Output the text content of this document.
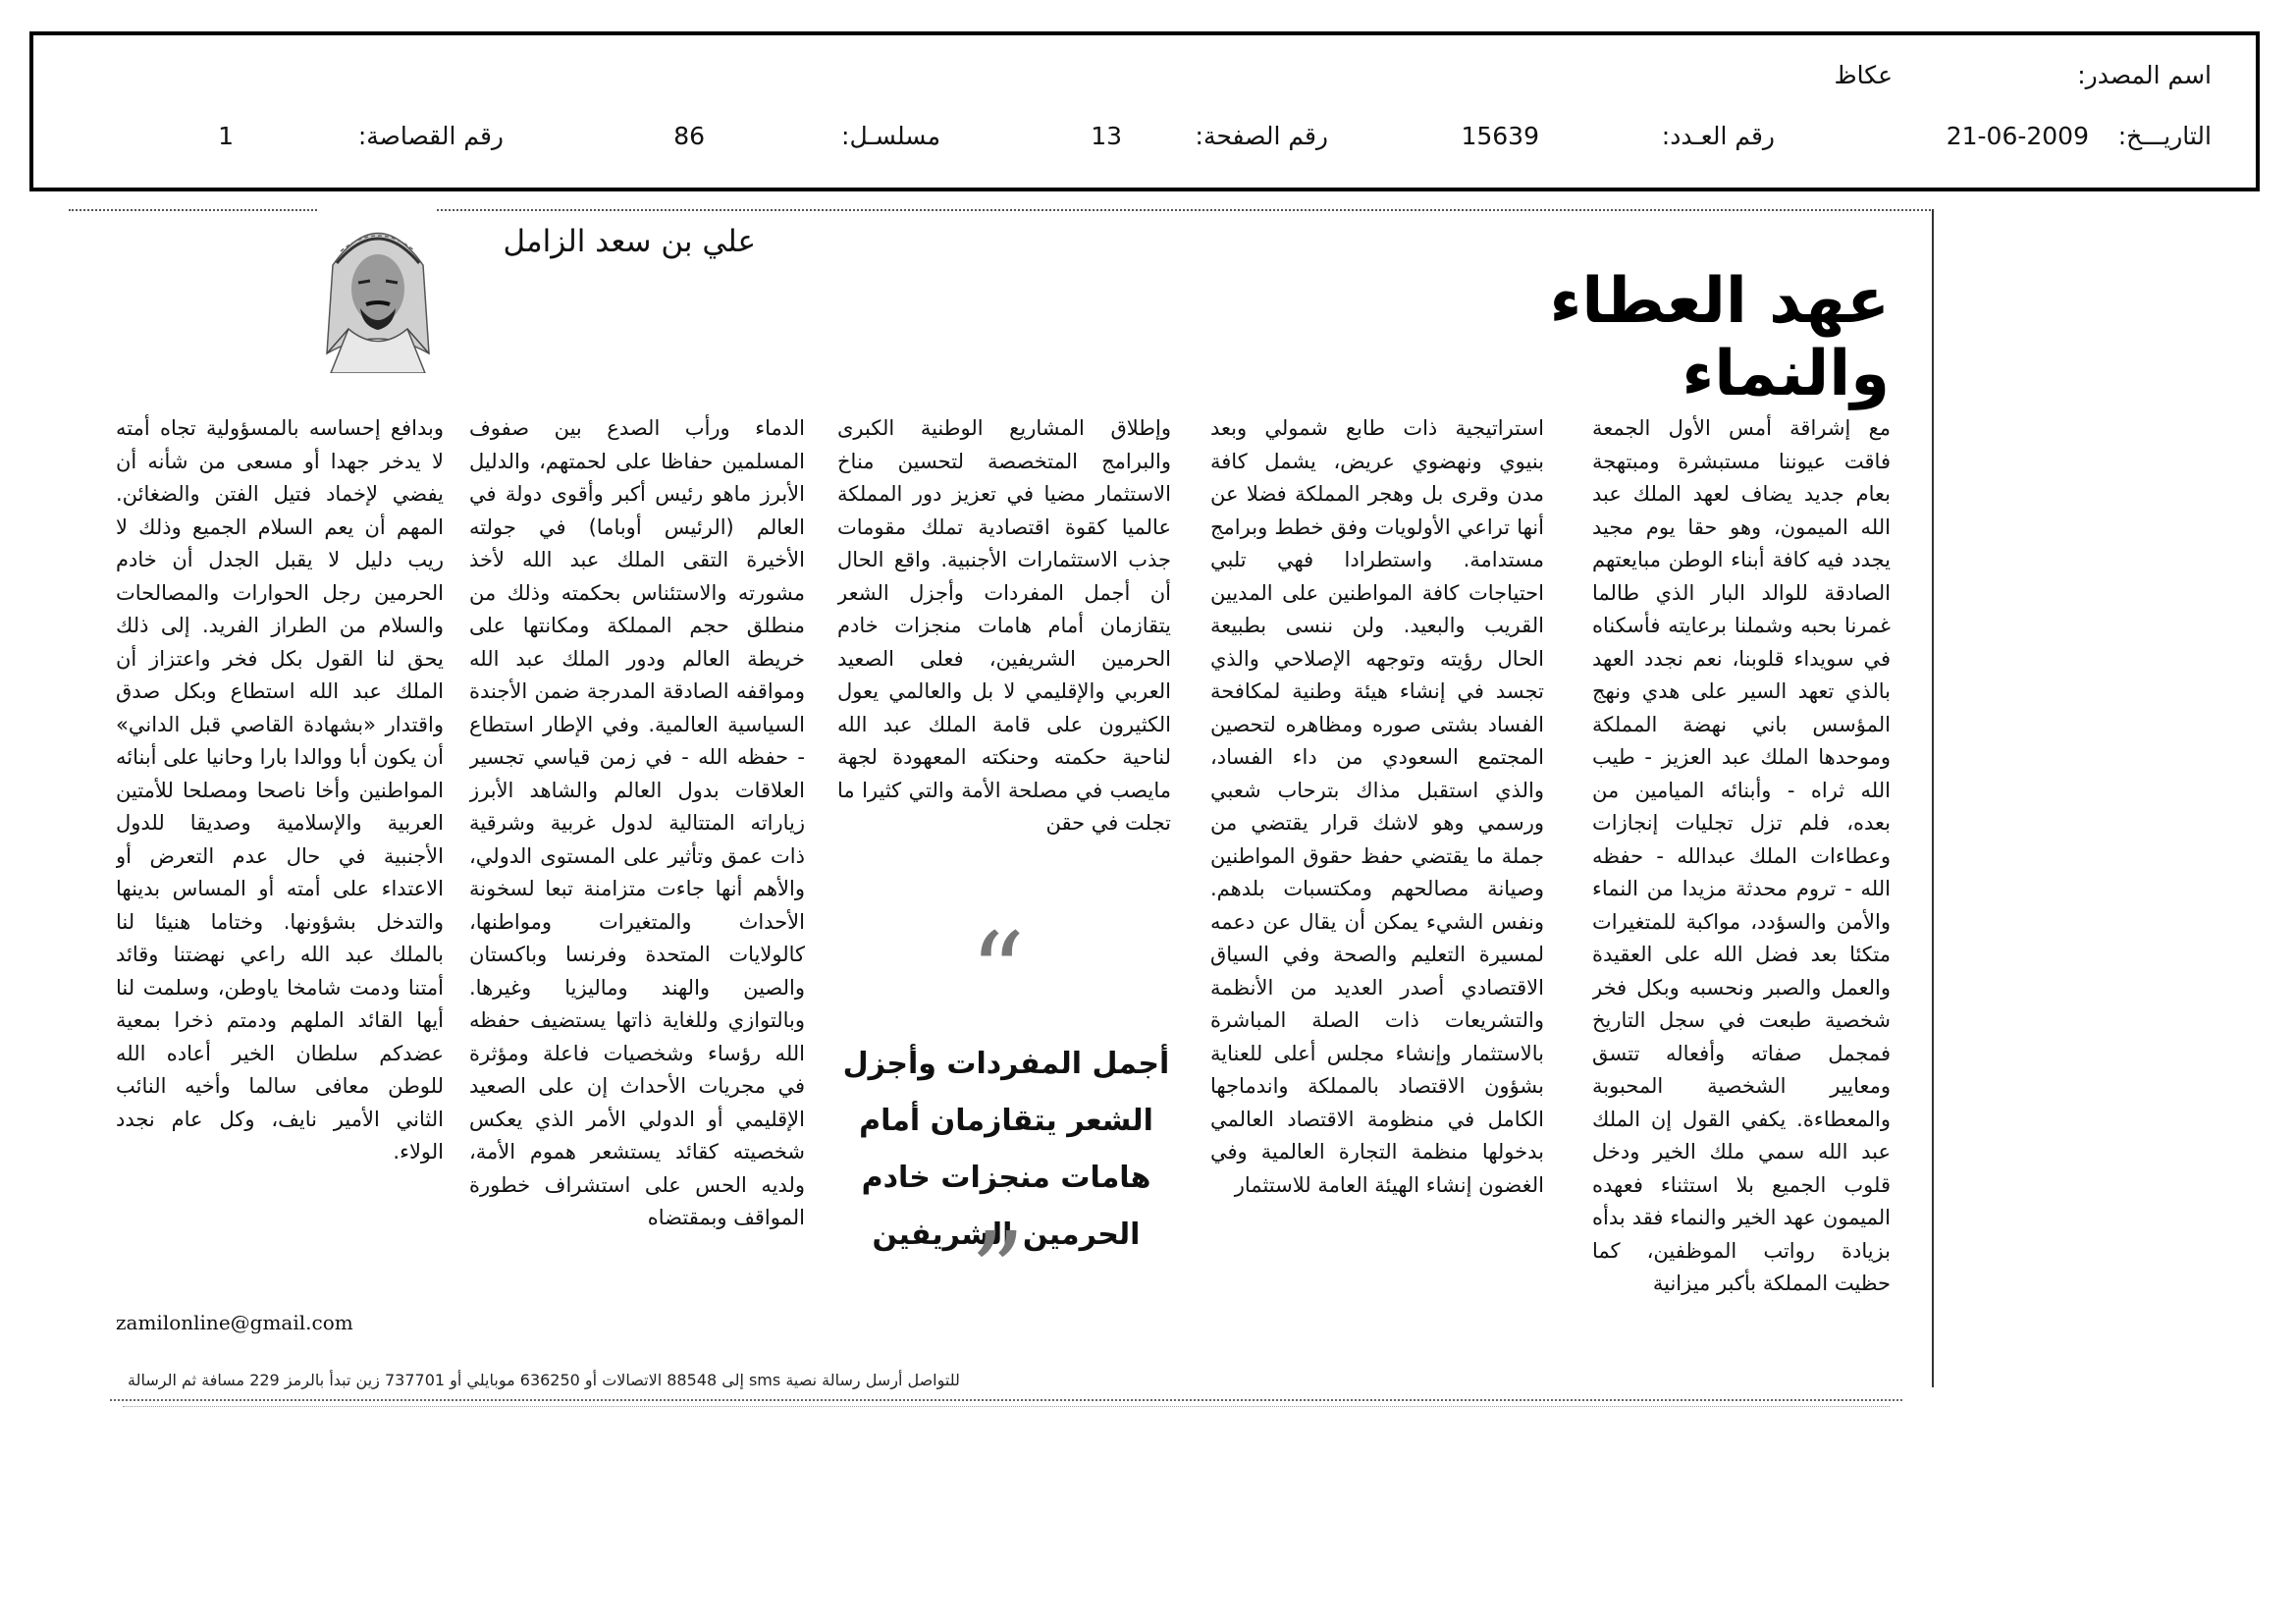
اسم المصدر:
عكاظ
التاريـــخ:
21-06-2009
رقم العـدد:
15639
رقم الصفحة:
13
مسلسـل:
86
رقم القصاصة:
1
عهد العطاء والنماء
علي بن سعد الزامل
مع إشراقة أمس الأول الجمعة فاقت عيوننا مستبشرة ومبتهجة بعام جديد يضاف لعهد الملك عبد الله الميمون، وهو حقا يوم مجيد يجدد فيه كافة أبناء الوطن مبايعتهم الصادقة للوالد البار الذي طالما غمرنا بحبه وشملنا برعايته فأسكناه في سويداء قلوبنا، نعم نجدد العهد بالذي تعهد السير على هدي ونهج المؤسس باني نهضة المملكة وموحدها الملك عبد العزيز - طيب الله ثراه - وأبنائه الميامين من بعده، فلم تزل تجليات إنجازات وعطاءات الملك عبدالله - حفظه الله - تروم محدثة مزيدا من النماء والأمن والسؤدد، مواكبة للمتغيرات متكئا بعد فضل الله على العقيدة والعمل والصبر ونحسبه وبكل فخر شخصية طبعت في سجل التاريخ فمجمل صفاته وأفعاله تتسق ومعايير الشخصية المحبوبة والمعطاءة. يكفي القول إن الملك عبد الله سمي ملك الخير ودخل قلوب الجميع بلا استثناء فعهده الميمون عهد الخير والنماء فقد بدأه بزيادة رواتب الموظفين، كما حظيت المملكة بأكبر ميزانية
استراتيجية ذات طابع شمولي وبعد بنيوي ونهضوي عريض، يشمل كافة مدن وقرى بل وهجر المملكة فضلا عن أنها تراعي الأولويات وفق خطط وبرامج مستدامة. واستطرادا فهي تلبي احتياجات كافة المواطنين على المديين القريب والبعيد. ولن ننسى بطبيعة الحال رؤيته وتوجهه الإصلاحي والذي تجسد في إنشاء هيئة وطنية لمكافحة الفساد بشتى صوره ومظاهره لتحصين المجتمع السعودي من داء الفساد، والذي استقبل مذاك بترحاب شعبي ورسمي وهو لاشك قرار يقتضي من جملة ما يقتضي حفظ حقوق المواطنين وصيانة مصالحهم ومكتسبات بلدهم. ونفس الشيء يمكن أن يقال عن دعمه لمسيرة التعليم والصحة وفي السياق الاقتصادي أصدر العديد من الأنظمة والتشريعات ذات الصلة المباشرة بالاستثمار وإنشاء مجلس أعلى للعناية بشؤون الاقتصاد بالمملكة واندماجها الكامل في منظومة الاقتصاد العالمي بدخولها منظمة التجارة العالمية وفي الغضون إنشاء الهيئة العامة للاستثمار
وإطلاق المشاريع الوطنية الكبرى والبرامج المتخصصة لتحسين مناخ الاستثمار مضيا في تعزيز دور المملكة عالميا كقوة اقتصادية تملك مقومات جذب الاستثمارات الأجنبية. واقع الحال أن أجمل المفردات وأجزل الشعر يتقازمان أمام هامات منجزات خادم الحرمين الشريفين، فعلى الصعيد العربي والإقليمي لا بل والعالمي يعول الكثيرون على قامة الملك عبد الله لناحية حكمته وحنكته المعهودة لجهة مايصب في مصلحة الأمة والتي كثيرا ما تجلت في حقن
الدماء ورأب الصدع بين صفوف المسلمين حفاظا على لحمتهم، والدليل الأبرز ماهو رئيس أكبر وأقوى دولة في العالم (الرئيس أوباما) في جولته الأخيرة التقى الملك عبد الله لأخذ مشورته والاستئناس بحكمته وذلك من منطلق حجم المملكة ومكانتها على خريطة العالم ودور الملك عبد الله ومواقفه الصادقة المدرجة ضمن الأجندة السياسية العالمية. وفي الإطار استطاع - حفظه الله - في زمن قياسي تجسير العلاقات بدول العالم والشاهد الأبرز زياراته المتتالية لدول غربية وشرقية ذات عمق وتأثير على المستوى الدولي، والأهم أنها جاءت متزامنة تبعا لسخونة الأحداث والمتغيرات ومواطنها، كالولايات المتحدة وفرنسا وباكستان والصين والهند وماليزيا وغيرها. وبالتوازي وللغاية ذاتها يستضيف حفظه الله رؤساء وشخصيات فاعلة ومؤثرة في مجريات الأحداث إن على الصعيد الإقليمي أو الدولي الأمر الذي يعكس شخصيته كقائد يستشعر هموم الأمة، ولديه الحس على استشراف خطورة المواقف وبمقتضاه
وبدافع إحساسه بالمسؤولية تجاه أمته لا يدخر جهدا أو مسعى من شأنه أن يفضي لإخماد فتيل الفتن والضغائن. المهم أن يعم السلام الجميع وذلك لا ريب دليل لا يقبل الجدل أن خادم الحرمين رجل الحوارات والمصالحات والسلام من الطراز الفريد. إلى ذلك يحق لنا القول بكل فخر واعتزاز أن الملك عبد الله استطاع وبكل صدق واقتدار «بشهادة القاصي قبل الداني» أن يكون أبا ووالدا بارا وحانيا على أبنائه المواطنين وأخا ناصحا ومصلحا للأمتين العربية والإسلامية وصديقا للدول الأجنبية في حال عدم التعرض أو الاعتداء على أمته أو المساس بدينها والتدخل بشؤونها. وختاما هنيئا لنا بالملك عبد الله راعي نهضتنا وقائد أمتنا ودمت شامخا ياوطن، وسلمت لنا أيها القائد الملهم ودمتم ذخرا بمعية عضدكم سلطان الخير أعاده الله للوطن معافى سالما وأخيه النائب الثاني الأمير نايف، وكل عام نجدد الولاء.
“
أجمل المفردات وأجزل الشعر يتقازمان أمام هامات منجزات خادم الحرمين الشريفين
”
zamilonline@gmail.com
للتواصل أرسل رسالة نصية sms إلى 88548 الاتصالات أو 636250 موبايلي أو 737701 زين تبدأ بالرمز 229 مسافة ثم الرسالة
